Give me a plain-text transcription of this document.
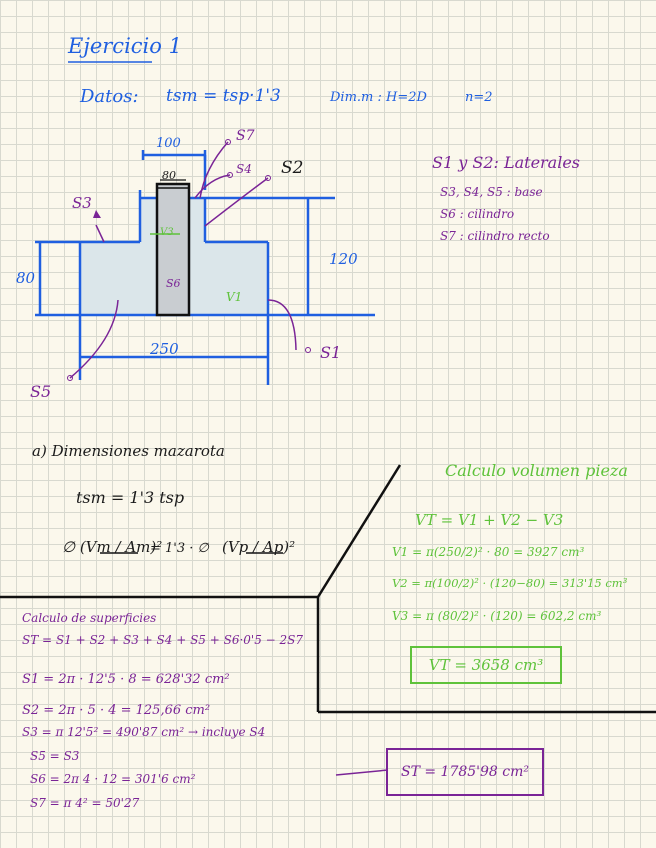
Ejercicio 1
Datos: tsm = tsp·1'3	Dim.m : H=2D	n=2
100
80
120
80
250
S7
S4 S2
S3
S5
S1
S6
V1
V3
S1 y S2: Laterales
S3, S4, S5 : base
S6 : cilindro
S7 : cilindro recto
a) Dimensiones mazarota
tsm = 1'3 tsp
∅ (Vm / Am)²
= 1'3 · ∅ (Vp / Ap)²
Calculo volumen pieza
VT = V1 + V2 − V3
V1 = π(250/2)² · 80 = 3927 cm³
V2 = π(100/2)² · (120−80) = 313'15 cm³
V3 = π (80/2)² · (120) = 602,2 cm³
VT = 3658 cm³
Calculo de superficies
ST = S1 + S2 + S3 + S4 + S5 + S6·0'5 − 2S7
S1 = 2π · 12'5 · 8 = 628'32 cm²
S2 = 2π · 5 · 4 = 125,66 cm²
S3 = π 12'5² = 490'87 cm² → incluye S4
S5 = S3
S6 = 2π 4 · 12 = 301'6 cm²
S7 = π 4² = 50'27
ST = 1785'98 cm²
